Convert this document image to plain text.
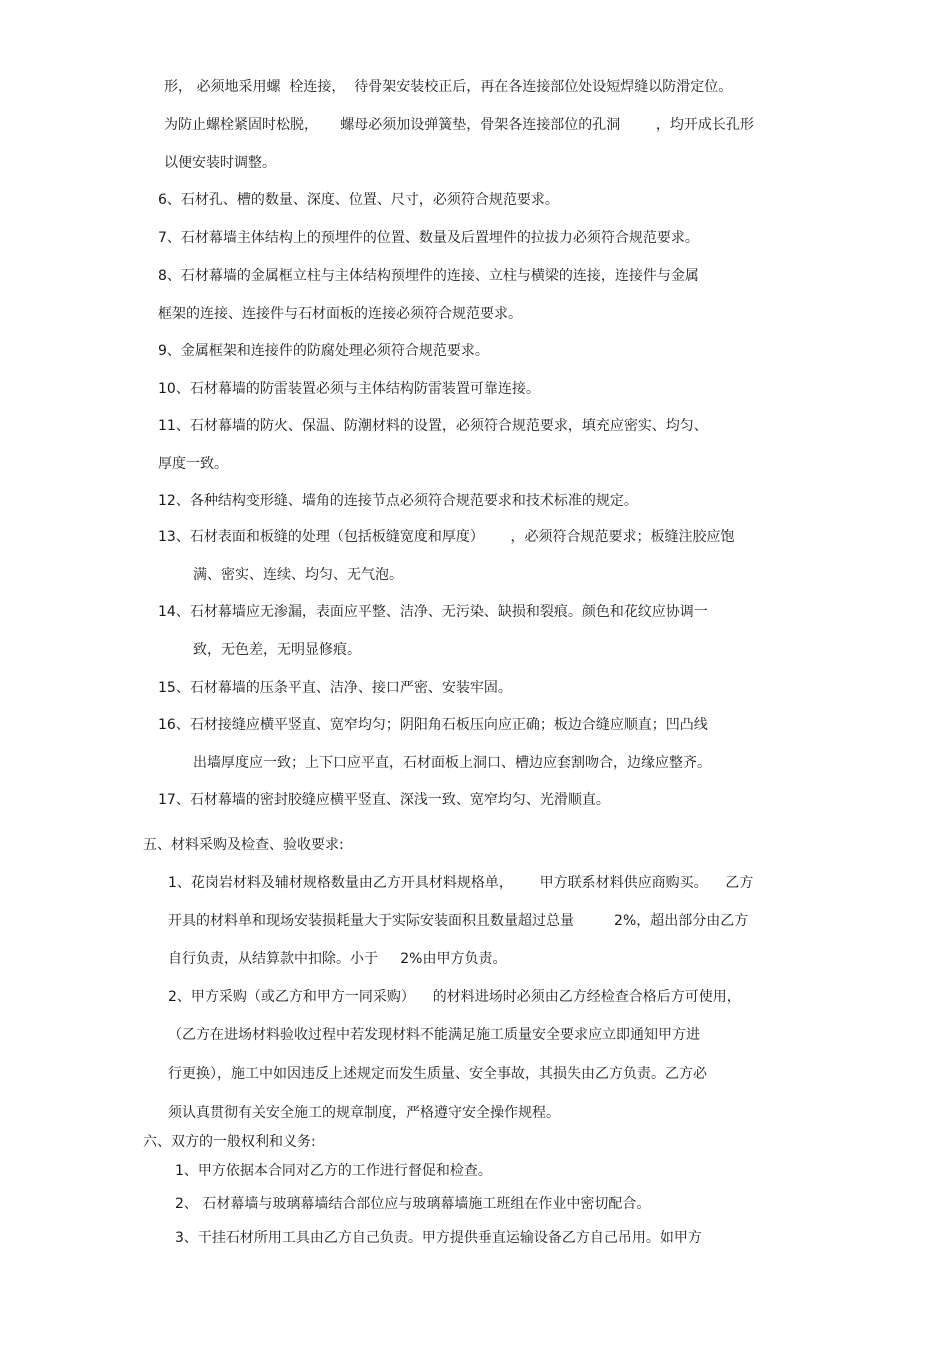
形， 必须地采用螺  栓连接，  待骨架安装校正后，再在各连接部位处设短焊缝以防滑定位。
为防止螺栓紧固时松脱，     螺母必须加设弹簧垫，骨架各连接部位的孔洞        ，均开成长孔形
以便安装时调整。
6、石材孔、槽的数量、深度、位置、尺寸，必须符合规范要求。
7、石材幕墙主体结构上的预埋件的位置、数量及后置埋件的拉拔力必须符合规范要求。
8、石材幕墙的金属框立柱与主体结构预埋件的连接、立柱与横梁的连接，连接件与金属
框架的连接、连接件与石材面板的连接必须符合规范要求。
9、金属框架和连接件的防腐处理必须符合规范要求。
10、石材幕墙的防雷装置必须与主体结构防雷装置可靠连接。
11、石材幕墙的防火、保温、防潮材料的设置，必须符合规范要求，填充应密实、均匀、
厚度一致。
12、各种结构变形缝、墙角的连接节点必须符合规范要求和技术标准的规定。
13、石材表面和板缝的处理（包括板缝宽度和厚度）      ，必须符合规范要求；板缝注胶应饱
满、密实、连续、均匀、无气泡。
14、石材幕墙应无渗漏，表面应平整、洁净、无污染、缺损和裂痕。颜色和花纹应协调一
致，无色差，无明显修痕。
15、石材幕墙的压条平直、洁净、接口严密、安装牢固。
16、石材接缝应横平竖直、宽窄均匀；阴阳角石板压向应正确；板边合缝应顺直；凹凸线
出墙厚度应一致；上下口应平直，石材面板上洞口、槽边应套割吻合，边缘应整齐。
17、石材幕墙的密封胶缝应横平竖直、深浅一致、宽窄均匀、光滑顺直。
五、材料采购及检查、验收要求:
1、花岗岩材料及辅材规格数量由乙方开具材料规格单，      甲方联系材料供应商购买。    乙方
开具的材料单和现场安装损耗量大于实际安装面积且数量超过总量         2%，超出部分由乙方
自行负责，从结算款中扣除。小于     2%由甲方负责。
2、甲方采购（或乙方和甲方一同采购）    的材料进场时必须由乙方经检查合格后方可使用，
（乙方在进场材料验收过程中若发现材料不能满足施工质量安全要求应立即通知甲方进
行更换），施工中如因违反上述规定而发生质量、安全事故，其损失由乙方负责。乙方必
须认真贯彻有关安全施工的规章制度，严格遵守安全操作规程。
六、双方的一般权利和义务:
1、甲方依据本合同对乙方的工作进行督促和检查。
2、 石材幕墙与玻璃幕墙结合部位应与玻璃幕墙施工班组在作业中密切配合。
3、干挂石材所用工具由乙方自己负责。甲方提供垂直运输设备乙方自己吊用。如甲方
